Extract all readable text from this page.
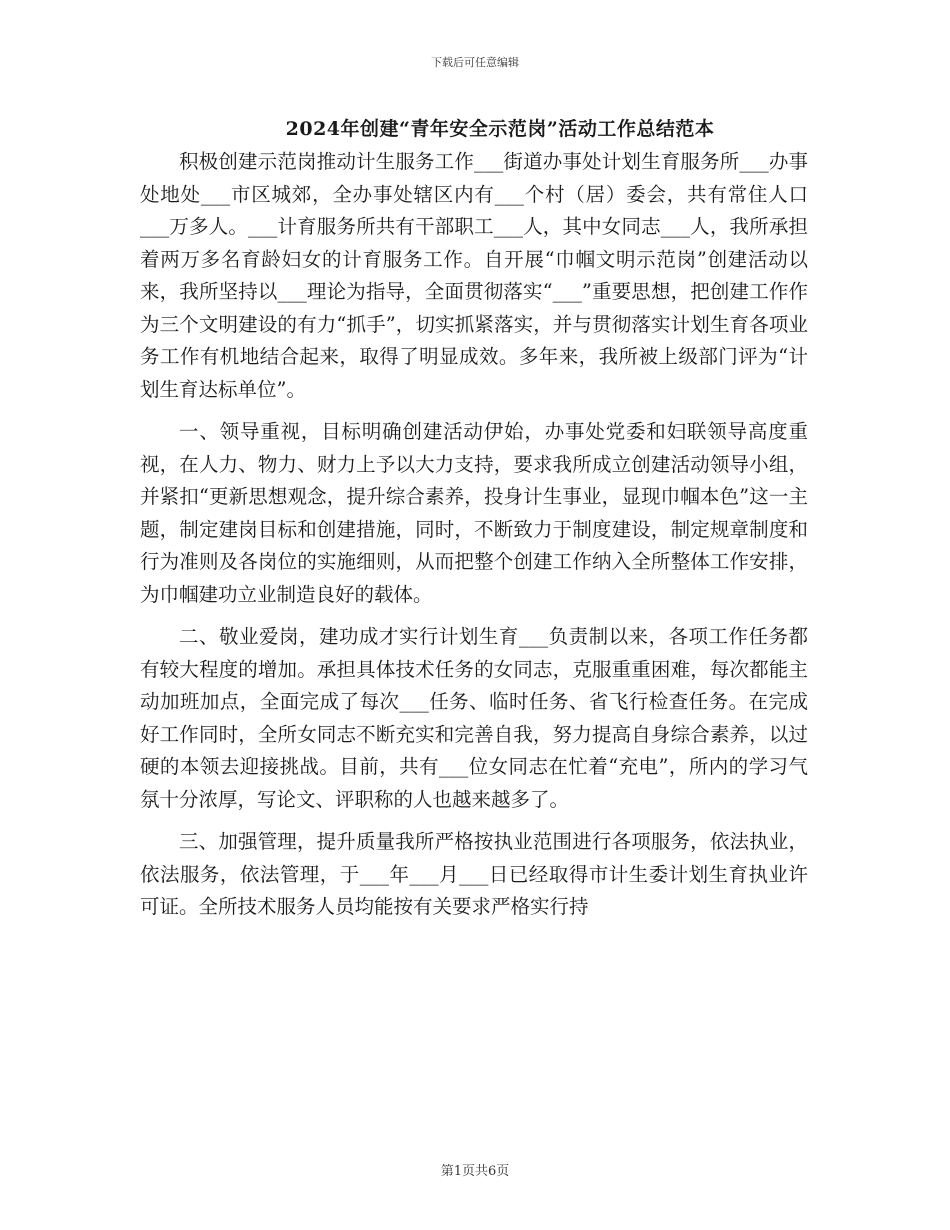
下载后可任意编辑
2024年创建“青年安全示范岗”活动工作总结范本

积极创建示范岗推动计生服务工作___街道办事处计划生育服务所___办事处地处___市区城郊，全办事处辖区内有___个村（居）委会，共有常住人口___万多人。___计育服务所共有干部职工___人，其中女同志___人，我所承担着两万多名育龄妇女的计育服务工作。自开展“巾帼文明示范岗”创建活动以来，我所坚持以___理论为指导，全面贯彻落实“___”重要思想，把创建工作作为三个文明建设的有力“抓手”，切实抓紧落实，并与贯彻落实计划生育各项业务工作有机地结合起来，取得了明显成效。多年来，我所被上级部门评为“计划生育达标单位”。

一、领导重视，目标明确创建活动伊始，办事处党委和妇联领导高度重视，在人力、物力、财力上予以大力支持，要求我所成立创建活动领导小组，并紧扣“更新思想观念，提升综合素养，投身计生事业，显现巾帼本色”这一主题，制定建岗目标和创建措施，同时，不断致力于制度建设，制定规章制度和行为准则及各岗位的实施细则，从而把整个创建工作纳入全所整体工作安排，为巾帼建功立业制造良好的载体。

二、敬业爱岗，建功成才实行计划生育___负责制以来，各项工作任务都有较大程度的增加。承担具体技术任务的女同志，克服重重困难，每次都能主动加班加点，全面完成了每次___任务、临时任务、省飞行检查任务。在完成好工作同时，全所女同志不断充实和完善自我，努力提高自身综合素养，以过硬的本领去迎接挑战。目前，共有___位女同志在忙着“充电”，所内的学习气氛十分浓厚，写论文、评职称的人也越来越多了。

三、加强管理，提升质量我所严格按执业范围进行各项服务，依法执业，依法服务，依法管理，于___年___月___日已经取得市计生委计划生育执业许可证。全所技术服务人员均能按有关要求严格实行持

第1页共6页
